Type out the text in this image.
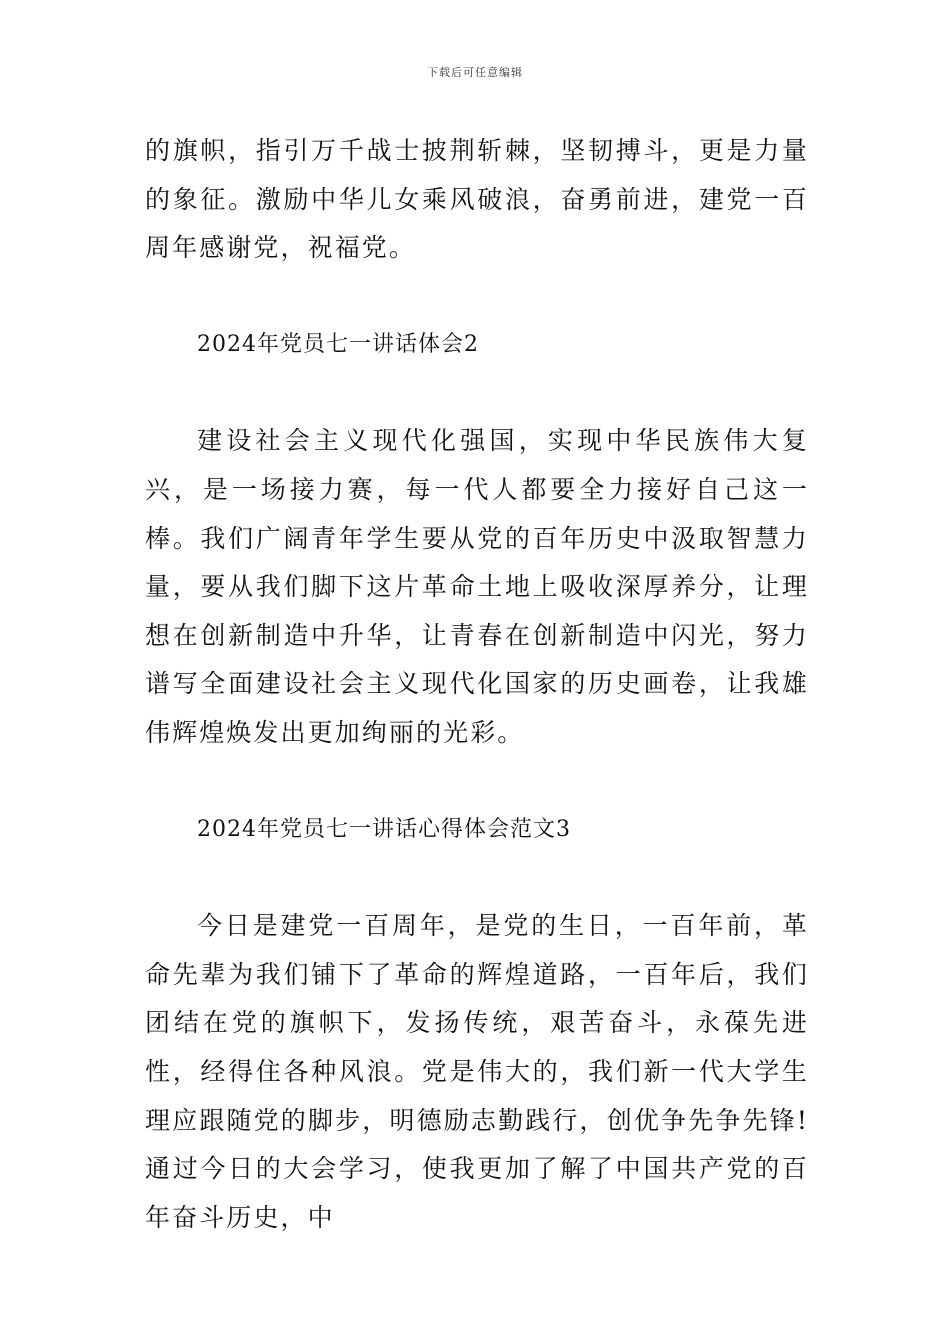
下载后可任意编辑

的旗帜，指引万千战士披荆斩棘，坚韧搏斗，更是力量的象征。激励中华儿女乘风破浪，奋勇前进，建党一百周年感谢党，祝福党。

2024年党员七一讲话体会2

建设社会主义现代化强国，实现中华民族伟大复兴，是一场接力赛，每一代人都要全力接好自己这一棒。我们广阔青年学生要从党的百年历史中汲取智慧力量，要从我们脚下这片革命土地上吸收深厚养分，让理想在创新制造中升华，让青春在创新制造中闪光，努力谱写全面建设社会主义现代化国家的历史画卷，让我雄伟辉煌焕发出更加绚丽的光彩。

2024年党员七一讲话心得体会范文3

今日是建党一百周年，是党的生日，一百年前，革命先辈为我们铺下了革命的辉煌道路，一百年后，我们团结在党的旗帜下，发扬传统，艰苦奋斗，永葆先进性，经得住各种风浪。党是伟大的，我们新一代大学生理应跟随党的脚步，明德励志勤践行，创优争先争先锋!通过今日的大会学习，使我更加了解了中国共产党的百年奋斗历史，中
